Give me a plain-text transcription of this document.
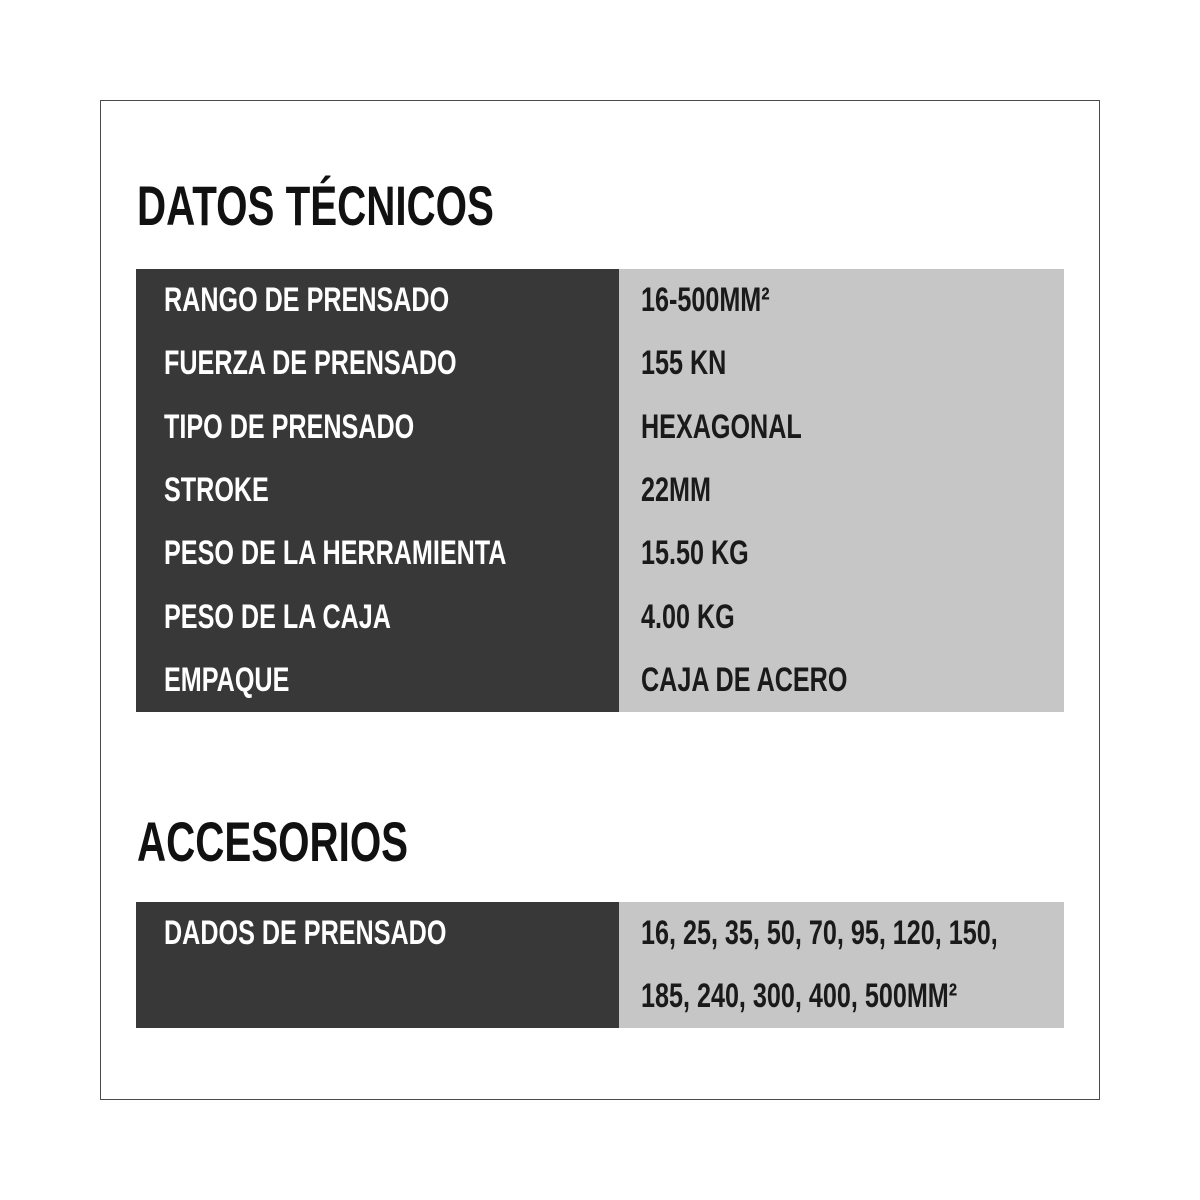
DATOS TÉCNICOS
RANGO DE PRENSADO
FUERZA DE PRENSADO
TIPO DE PRENSADO
STROKE
PESO DE LA HERRAMIENTA
PESO DE LA CAJA
EMPAQUE
16-500MM²
155 KN
HEXAGONAL
22MM
15.50 KG
4.00 KG
CAJA DE ACERO
ACCESORIOS
DADOS DE PRENSADO	16, 25, 35, 50, 70, 95, 120, 150,
185, 240, 300, 400, 500MM²
